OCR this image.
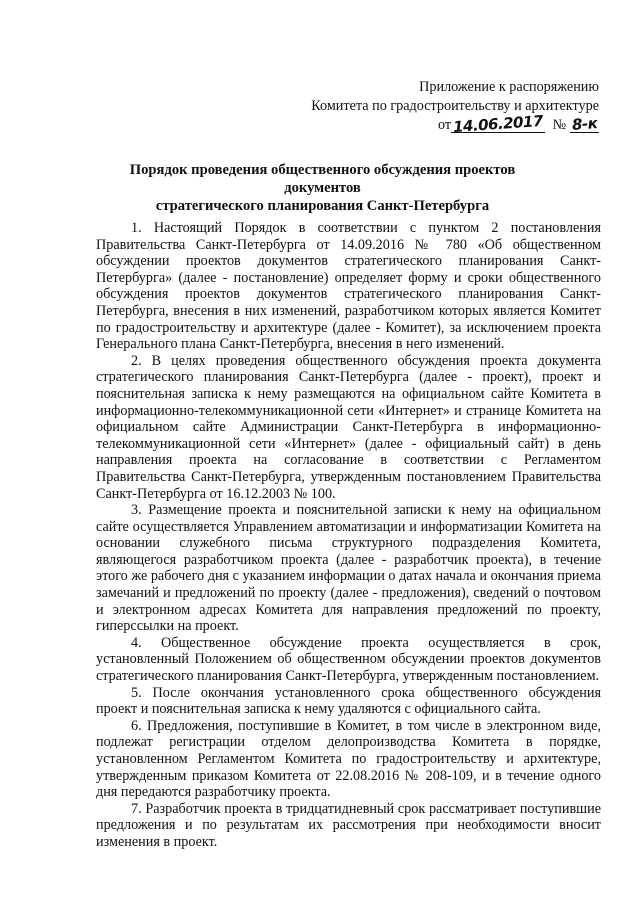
Приложение к распоряжению
Комитета по градостроительству и архитектуре
от14.06.2017 № 8-к
Порядок проведения общественного обсуждения проектов документов
стратегического планирования Санкт-Петербурга

1. Настоящий Порядок в соответствии с пунктом 2 постановления Правительства Санкт-Петербурга от 14.09.2016 № 780 «Об общественном обсуждении проектов документов стратегического планирования Санкт-Петербурга» (далее - постановление) определяет форму и сроки общественного обсуждения проектов документов стратегического планирования Санкт-Петербурга, внесения в них изменений, разработчиком которых является Комитет по градостроительству и архитектуре (далее - Комитет), за исключением проекта Генерального плана Санкт-Петербурга, внесения в него изменений.

2. В целях проведения общественного обсуждения проекта документа стратегического планирования Санкт-Петербурга (далее - проект), проект и пояснительная записка к нему размещаются на официальном сайте Комитета в информационно-телекоммуникационной сети «Интернет» и странице Комитета на официальном сайте Администрации Санкт-Петербурга в информационно-телекоммуникационной сети «Интернет» (далее - официальный сайт) в день направления проекта на согласование в соответствии с Регламентом Правительства Санкт-Петербурга, утвержденным постановлением Правительства Санкт-Петербурга от 16.12.2003 № 100.

3. Размещение проекта и пояснительной записки к нему на официальном сайте осуществляется Управлением автоматизации и информатизации Комитета на основании служебного письма структурного подразделения Комитета, являющегося разработчиком проекта (далее - разработчик проекта), в течение этого же рабочего дня с указанием информации о датах начала и окончания приема замечаний и предложений по проекту (далее - предложения), сведений о почтовом и электронном адресах Комитета для направления предложений по проекту, гиперссылки на проект.

4. Общественное обсуждение проекта осуществляется в срок, установленный Положением об общественном обсуждении проектов документов стратегического планирования Санкт-Петербурга, утвержденным постановлением.

5. После окончания установленного срока общественного обсуждения проект и пояснительная записка к нему удаляются с официального сайта.

6. Предложения, поступившие в Комитет, в том числе в электронном виде, подлежат регистрации отделом делопроизводства Комитета в порядке, установленном Регламентом Комитета по градостроительству и архитектуре, утвержденным приказом Комитета от 22.08.2016 № 208-109, и в течение одного дня передаются разработчику проекта.

7. Разработчик проекта в тридцатидневный срок рассматривает поступившие предложения и по результатам их рассмотрения при необходимости вносит изменения в проект.
